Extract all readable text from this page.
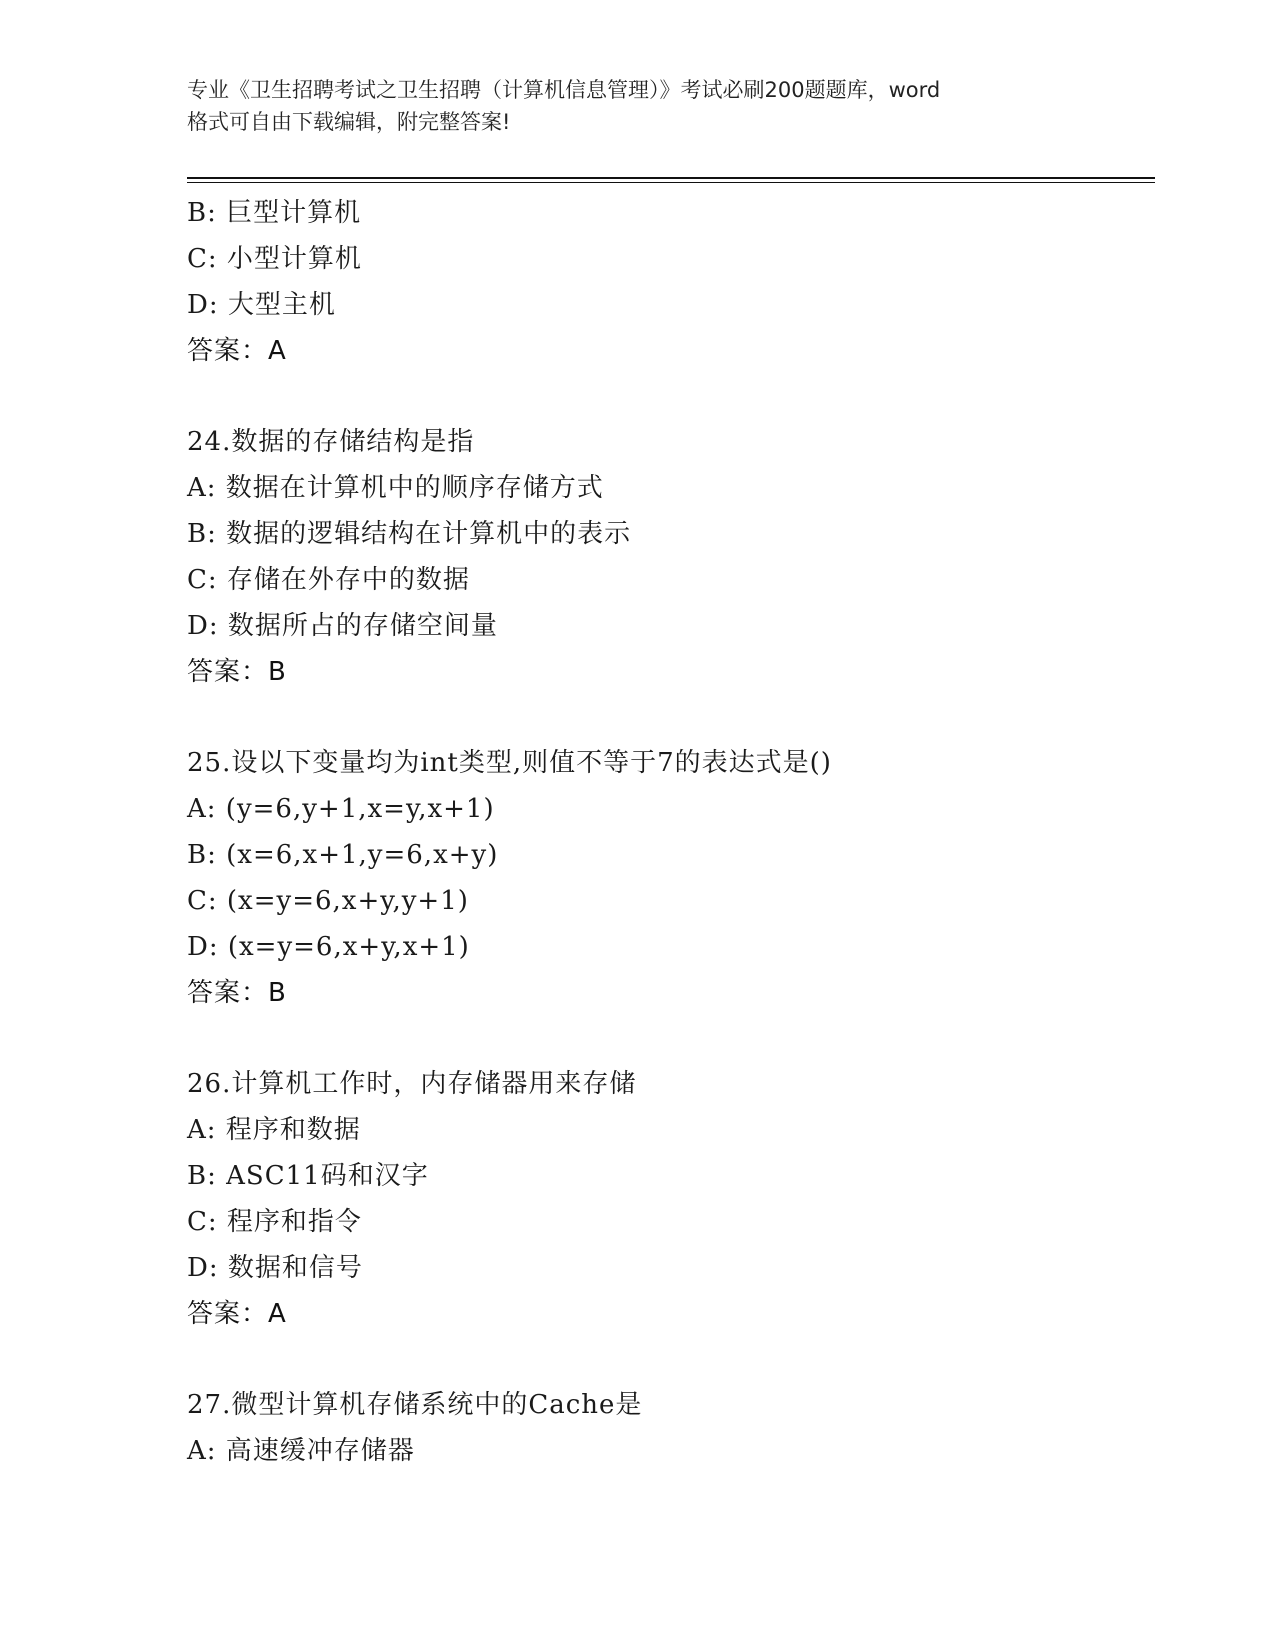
专业《卫生招聘考试之卫生招聘（计算机信息管理）》考试必刷200题题库，word
格式可自由下载编辑，附完整答案!
B: 巨型计算机
C: 小型计算机
D: 大型主机
答案：A
24.数据的存储结构是指
A: 数据在计算机中的顺序存储方式
B: 数据的逻辑结构在计算机中的表示
C: 存储在外存中的数据
D: 数据所占的存储空间量
答案：B
25.设以下变量均为int类型,则值不等于7的表达式是()
A: (y=6,y+1,x=y,x+1)
B: (x=6,x+1,y=6,x+y)
C: (x=y=6,x+y,y+1)
D: (x=y=6,x+y,x+1)
答案：B
26.计算机工作时，内存储器用来存储
A: 程序和数据
B: ASC11码和汉字
C: 程序和指令
D: 数据和信号
答案：A
27.微型计算机存储系统中的Cache是
A: 高速缓冲存储器
